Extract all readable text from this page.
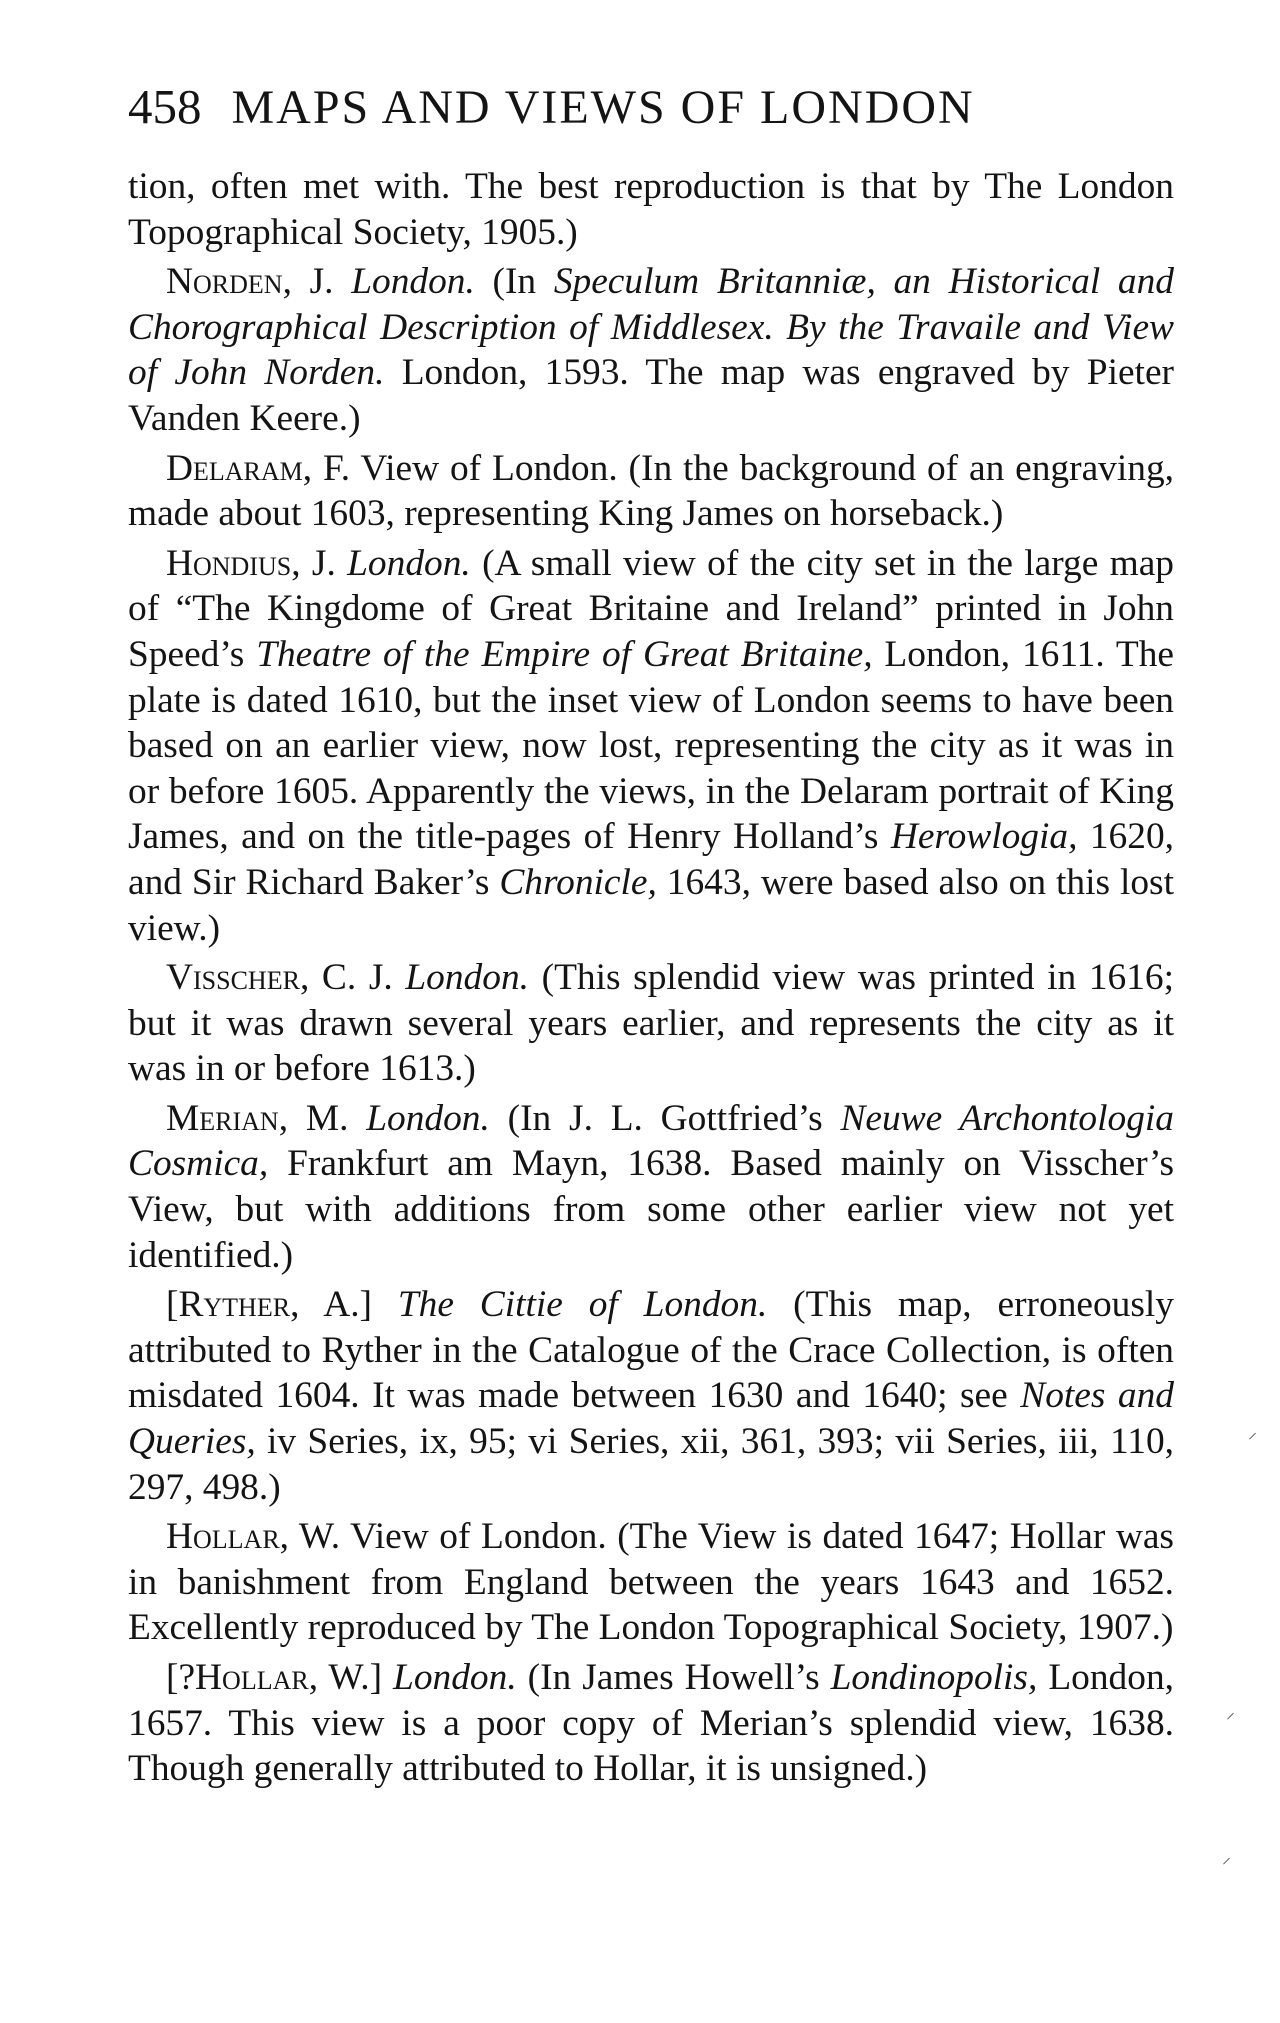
458 MAPS AND VIEWS OF LONDON

tion, often met with. The best reproduction is that by The London Topographical Society, 1905.)

Norden, J. London. (In Speculum Britanniæ, an Historical and Chorographical Description of Middlesex. By the Travaile and View of John Norden. London, 1593. The map was engraved by Pieter Vanden Keere.)

Delaram, F. View of London. (In the background of an engraving, made about 1603, representing King James on horseback.)

Hondius, J. London. (A small view of the city set in the large map of “The Kingdome of Great Britaine and Ireland” printed in John Speed’s Theatre of the Empire of Great Britaine, London, 1611. The plate is dated 1610, but the inset view of London seems to have been based on an earlier view, now lost, representing the city as it was in or before 1605. Apparently the views, in the Delaram portrait of King James, and on the title-pages of Henry Holland’s Herowlogia, 1620, and Sir Richard Baker’s Chronicle, 1643, were based also on this lost view.)

Visscher, C. J. London. (This splendid view was printed in 1616; but it was drawn several years earlier, and represents the city as it was in or before 1613.)

Merian, M. London. (In J. L. Gottfried’s Neuwe Archontologia Cosmica, Frankfurt am Mayn, 1638. Based mainly on Visscher’s View, but with additions from some other earlier view not yet identified.)

[Ryther, A.] The Cittie of London. (This map, erroneously attributed to Ryther in the Catalogue of the Crace Collection, is often misdated 1604. It was made between 1630 and 1640; see Notes and Queries, iv Series, ix, 95; vi Series, xii, 361, 393; vii Series, iii, 110, 297, 498.)

Hollar, W. View of London. (The View is dated 1647; Hollar was in banishment from England between the years 1643 and 1652. Excellently reproduced by The London Topographical Society, 1907.)

[?Hollar, W.] London. (In James Howell’s Londinopolis, London, 1657. This view is a poor copy of Merian’s splendid view, 1638. Though generally attributed to Hollar, it is unsigned.)

⸝
⸝
⸝
